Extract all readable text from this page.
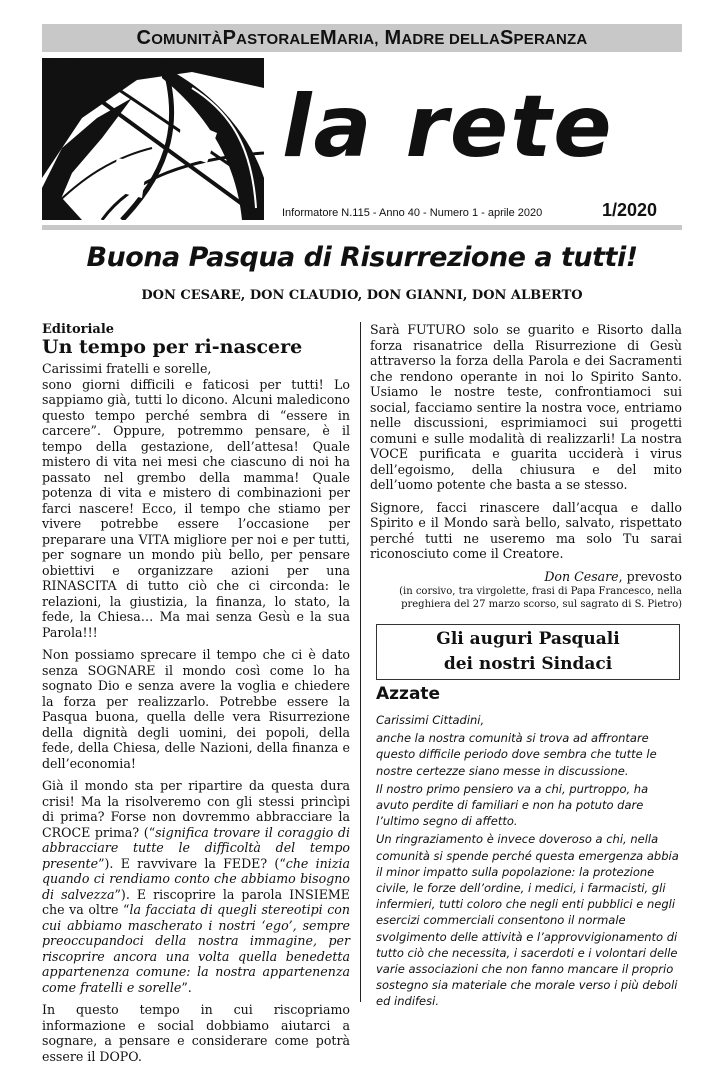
COMUNITÀ PASTORALE MARIA, MADRE DELLA SPERANZA
la rete
Informatore N.115 - Anno 40 - Numero 1 - aprile 2020	1/2020
Buona Pasqua di Risurrezione a tutti!
DON CESARE, DON CLAUDIO, DON GIANNI, DON ALBERTO
Editoriale
Un tempo per ri-nascere

Carissimi fratelli e sorelle,

sono giorni difficili e faticosi per tutti! Lo sappiamo già, tutti lo dicono. Alcuni maledicono questo tempo perché sembra di “essere in carcere”. Oppure, potremmo pensare, è il tempo della gestazione, dell’attesa! Quale mistero di vita nei mesi che ciascuno di noi ha passato nel grembo della mamma! Quale potenza di vita e mistero di combinazioni per farci nascere! Ecco, il tempo che stiamo per vivere potrebbe essere l’occasione per preparare una VITA migliore per noi e per tutti, per sognare un mondo più bello, per pensare obiettivi e organizzare azioni per una RINASCITA di tutto ciò che ci circonda: le relazioni, la giustizia, la finanza, lo stato, la fede, la Chiesa… Ma mai senza Gesù e la sua Parola!!!

Non possiamo sprecare il tempo che ci è dato senza SOGNARE il mondo così come lo ha sognato Dio e senza avere la voglia e chiedere la forza per realizzarlo. Potrebbe essere la Pasqua buona, quella delle vera Risurrezione della dignità degli uomini, dei popoli, della fede, della Chiesa, delle Nazioni, della finanza e dell’economia!

Già il mondo sta per ripartire da questa dura crisi! Ma la risolveremo con gli stessi princìpi di prima? Forse non dovremmo abbracciare la CROCE prima? (“significa trovare il coraggio di abbracciare tutte le difficoltà del tempo presente”). E ravvivare la FEDE? (“che inizia quando ci rendiamo conto che abbiamo bisogno di salvezza”). E riscoprire la parola INSIEME che va oltre “la facciata di quegli stereotipi con cui abbiamo mascherato i nostri ‘ego’, sempre preoccupandoci della nostra immagine, per riscoprire ancora una volta quella benedetta appartenenza comune: la nostra appartenenza come fratelli e sorelle”.

In questo tempo in cui riscopriamo informazione e social dobbiamo aiutarci a sognare, a pensare e considerare come potrà essere il DOPO.

Sarà FUTURO solo se guarito e Risorto dalla forza risanatrice della Risurrezione di Gesù attraverso la forza della Parola e dei Sacramenti che rendono operante in noi lo Spirito Santo. Usiamo le nostre teste, confrontiamoci sui social, facciamo sentire la nostra voce, entriamo nelle discussioni, esprimiamoci sui progetti comuni e sulle modalità di realizzarli! La nostra VOCE purificata e guarita ucciderà i virus dell’egoismo, della chiusura e del mito dell’uomo potente che basta a se stesso.

Signore, facci rinascere dall’acqua e dallo Spirito e il Mondo sarà bello, salvato, rispettato perché tutti ne useremo ma solo Tu sarai riconosciuto come il Creatore.

Don Cesare, prevosto

(in corsivo, tra virgolette, frasi di Papa Francesco, nella preghiera del 27 marzo scorso, sul sagrato di S. Pietro)

Gli auguri Pasquali
dei nostri Sindaci
Azzate

Carissimi Cittadini,

anche la nostra comunità si trova ad affrontare questo difficile periodo dove sembra che tutte le nostre certezze siano messe in discussione.

Il nostro primo pensiero va a chi, purtroppo, ha avuto perdite di familiari e non ha potuto dare l’ultimo segno di affetto.

Un ringraziamento è invece doveroso a chi, nella comunità si spende perché questa emergenza abbia il minor impatto sulla popolazione: la protezione civile, le forze dell’ordine, i medici, i farmacisti, gli infermieri, tutti coloro che negli enti pubblici e negli esercizi commerciali consentono il normale svolgimento delle attività e l’approvvigionamento di tutto ciò che necessita, i sacerdoti e i volontari delle varie associazioni che non fanno mancare il proprio sostegno sia materiale che morale verso i più deboli ed indifesi.
